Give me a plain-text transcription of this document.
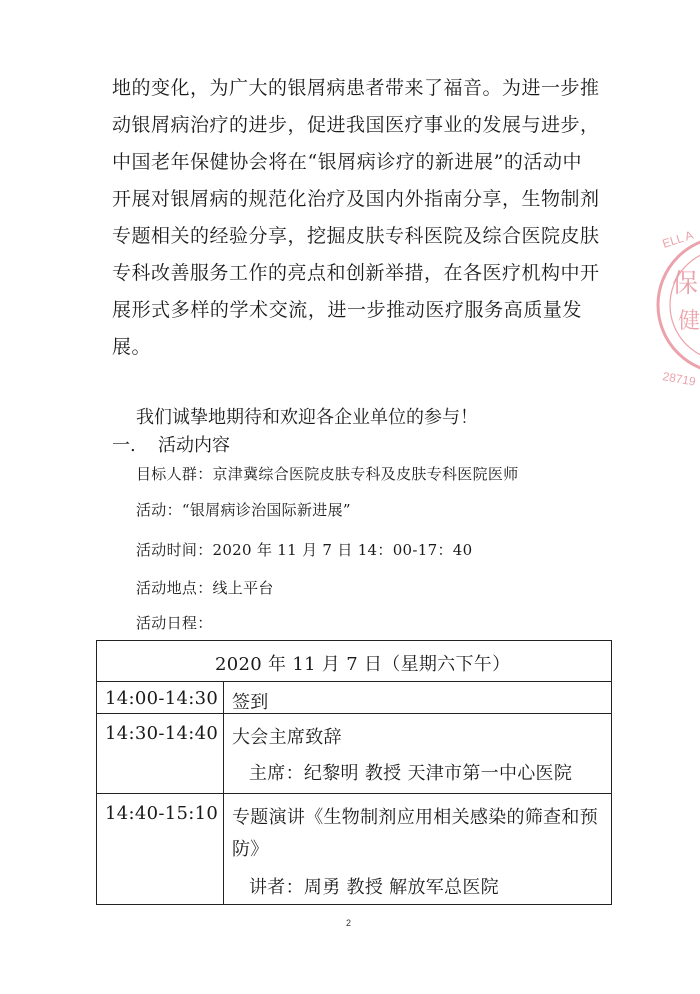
地的变化，为广大的银屑病患者带来了福音。为进一步推
动银屑病治疗的进步，促进我国医疗事业的发展与进步，
中国老年保健协会将在“银屑病诊疗的新进展”的活动中
开展对银屑病的规范化治疗及国内外指南分享，生物制剂
专题相关的经验分享，挖掘皮肤专科医院及综合医院皮肤
专科改善服务工作的亮点和创新举措，在各医疗机构中开
展形式多样的学术交流，进一步推动医疗服务高质量发
展。
我们诚挚地期待和欢迎各企业单位的参与！
一. 活动内容
目标人群：京津冀综合医院皮肤专科及皮肤专科医院医师
活动：“银屑病诊治国际新进展”
活动时间：2020 年 11 月 7 日 14：00-17：40
活动地点：线上平台
活动日程：
2020 年 11 月 7 日（星期六下午）
14:00-14:30 签到
14:30-14:40 大会主席致辞
主席：纪黎明 教授 天津市第一中心医院
14:40-15:10 专题演讲《生物制剂应用相关感染的筛查和预
防》
讲者：周勇 教授 解放军总医院
2
ELL A
保
健
28719
